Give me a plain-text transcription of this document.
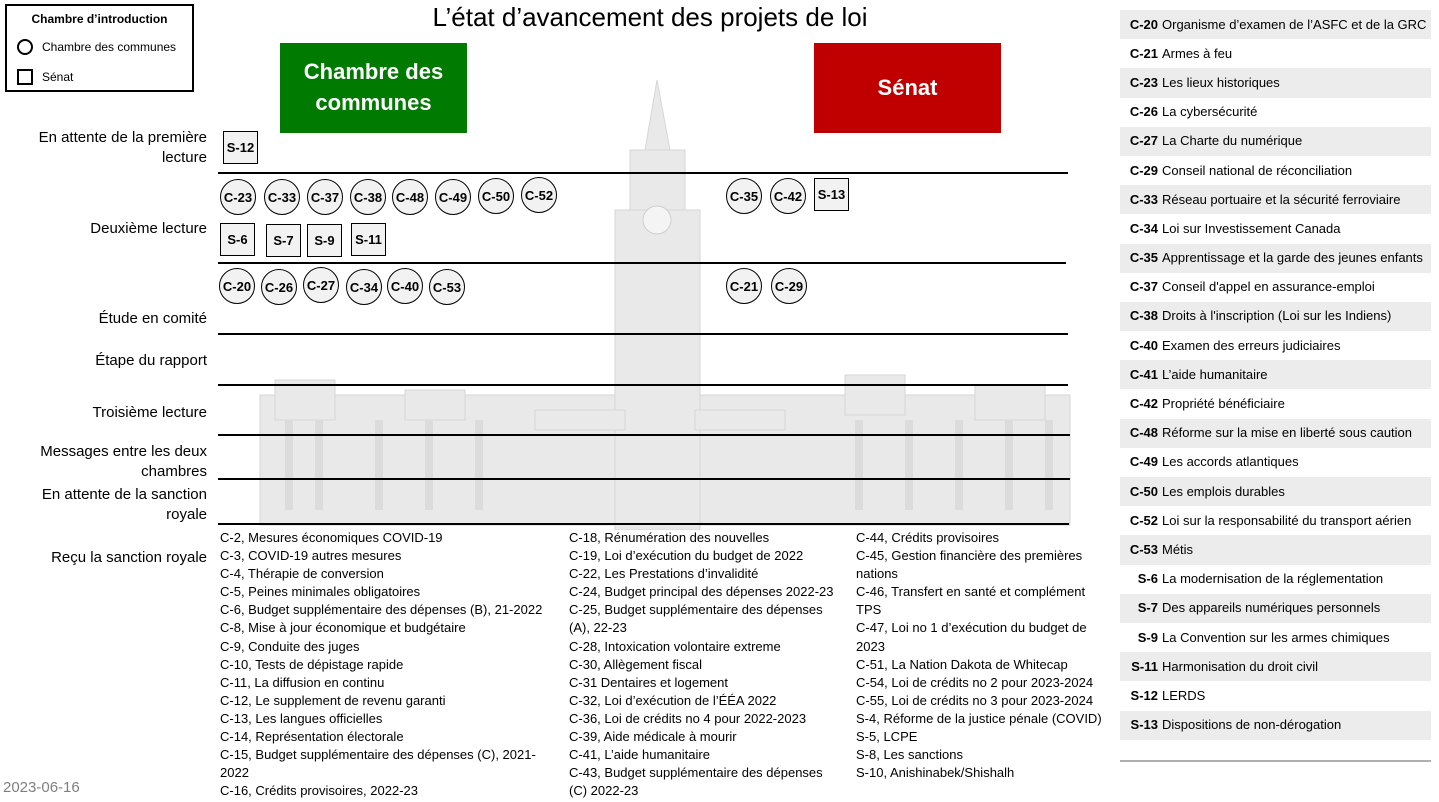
Chambre d’introduction
Chambre des communes
Sénat
L’état d’avancement des projets de loi
Chambre des communes
Sénat
En attente de la première lecture
Deuxième lecture
Étude en comité
Étape du rapport
Troisième lecture
Messages entre les deux chambres
En attente de la sanction royale
Reçu la sanction royale
S-12
C-23	C-33	C-37	C-38	C-48	C-49	C-50	C-52
S-6	S-7	S-9	S-11
C-35	C-42	S-13
C-20	C-26	C-27	C-34 C-40	C-53	C-21	C-29
C-2, Mesures économiques COVID-19
C-3, COVID-19 autres mesures
C-4, Thérapie de conversion
C-5, Peines minimales obligatoires
C-6, Budget supplémentaire des dépenses (B), 21-2022
C-8, Mise à jour économique et budgétaire
C-9, Conduite des juges
C-10, Tests de dépistage rapide
C-11, La diffusion en continu
C-12, Le supplement de revenu garanti
C-13, Les langues officielles
C-14, Représentation électorale
C-15, Budget supplémentaire des dépenses (C), 2021-
2022
C-16, Crédits provisoires, 2022-23
C-18, Rénumération des nouvelles
C-19, Loi d’exécution du budget de 2022
C-22, Les Prestations d’invalidité
C-24, Budget principal des dépenses 2022-23
C-25, Budget supplémentaire des dépenses
(A), 22-23
C-28, Intoxication volontaire extreme
C-30, Allègement fiscal
C-31 Dentaires et logement
C-32, Loi d’exécution de l’ÉÉA 2022
C-36, Loi de crédits no 4 pour 2022-2023
C-39, Aide médicale à mourir
C-41, L’aide humanitaire
C-43, Budget supplémentaire des dépenses
(C) 2022-23
C-44, Crédits provisoires
C-45, Gestion financière des premières
nations
C-46, Transfert en santé et complément
TPS
C-47, Loi no 1 d’exécution du budget de
2023
C-51, La Nation Dakota de Whitecap
C-54, Loi de crédits no 2 pour 2023-2024
C-55, Loi de crédits no 3 pour 2023-2024
S-4, Réforme de la justice pénale (COVID)
S-5, LCPE
S-8, Les sanctions
S-10, Anishinabek/Shishalh
2023-06-16
C-20 Organisme d’examen de l’ASFC et de la GRC
C-21 Armes à feu
C-23 Les lieux historiques
C-26 La cybersécurité
C-27 La Charte du numérique
C-29 Conseil national de réconciliation
C-33 Réseau portuaire et la sécurité ferroviaire
C-34 Loi sur Investissement Canada
C-35 Apprentissage et la garde des jeunes enfants
C-37 Conseil d'appel en assurance-emploi
C-38 Droits à l'inscription (Loi sur les Indiens)
C-40 Examen des erreurs judiciaires
C-41 L’aide humanitaire
C-42 Propriété bénéficiaire
C-48 Réforme sur la mise en liberté sous caution
C-49 Les accords atlantiques
C-50 Les emplois durables
C-52 Loi sur la responsabilité du transport aérien
C-53 Métis
S-6 La modernisation de la réglementation
S-7 Des appareils numériques personnels
S-9 La Convention sur les armes chimiques
S-11 Harmonisation du droit civil
S-12 LERDS
S-13 Dispositions de non-dérogation
